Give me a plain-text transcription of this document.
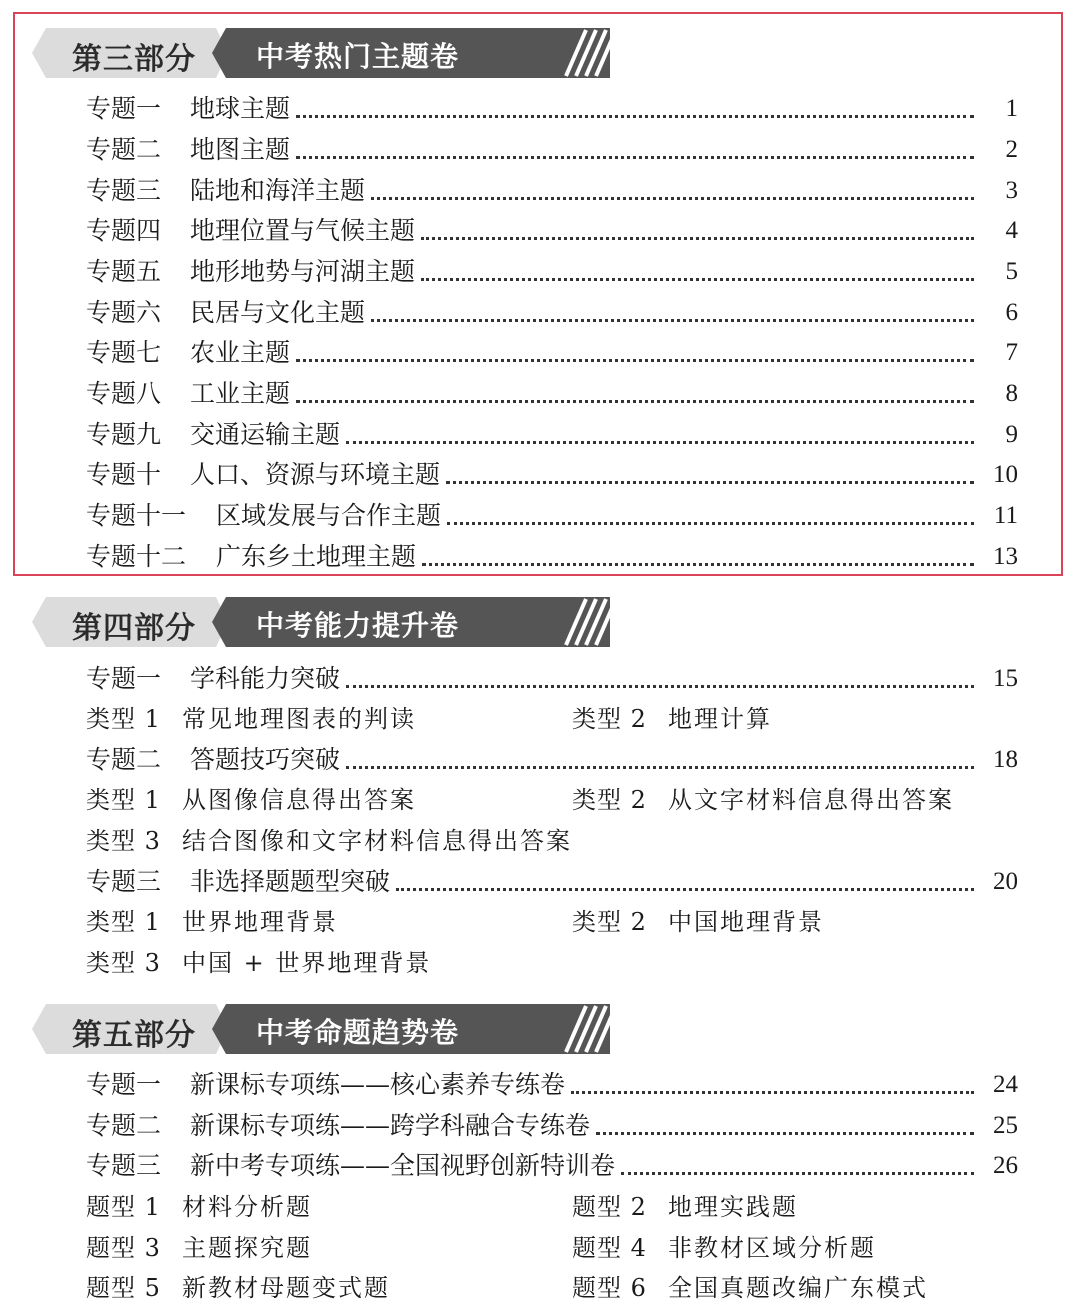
第三部分 中考热门主题卷
专题一 地球主题	1
专题二 地图主题	2
专题三 陆地和海洋主题	3
专题四 地理位置与气候主题	4
专题五 地形地势与河湖主题	5
专题六 民居与文化主题	6
专题七 农业主题	7
专题八 工业主题	8
专题九 交通运输主题	9
专题十 人口、资源与环境主题	10
专题十一 区域发展与合作主题	11
专题十二 广东乡土地理主题	13
第四部分 中考能力提升卷
专题一 学科能力突破	15
类型 1 常见地理图表的判读	类型 2 地理计算
专题二 答题技巧突破	18
类型 1 从图像信息得出答案	类型 2 从文字材料信息得出答案
类型 3 结合图像和文字材料信息得出答案
专题三 非选择题题型突破	20
类型 1 世界地理背景	类型 2 中国地理背景
类型 3 中国 + 世界地理背景
第五部分 中考命题趋势卷
专题一 新课标专项练——核心素养专练卷	24
专题二 新课标专项练——跨学科融合专练卷	25
专题三 新中考专项练——全国视野创新特训卷	26
题型 1 材料分析题	题型 2 地理实践题
题型 3 主题探究题	题型 4 非教材区域分析题
题型 5 新教材母题变式题	题型 6 全国真题改编广东模式
